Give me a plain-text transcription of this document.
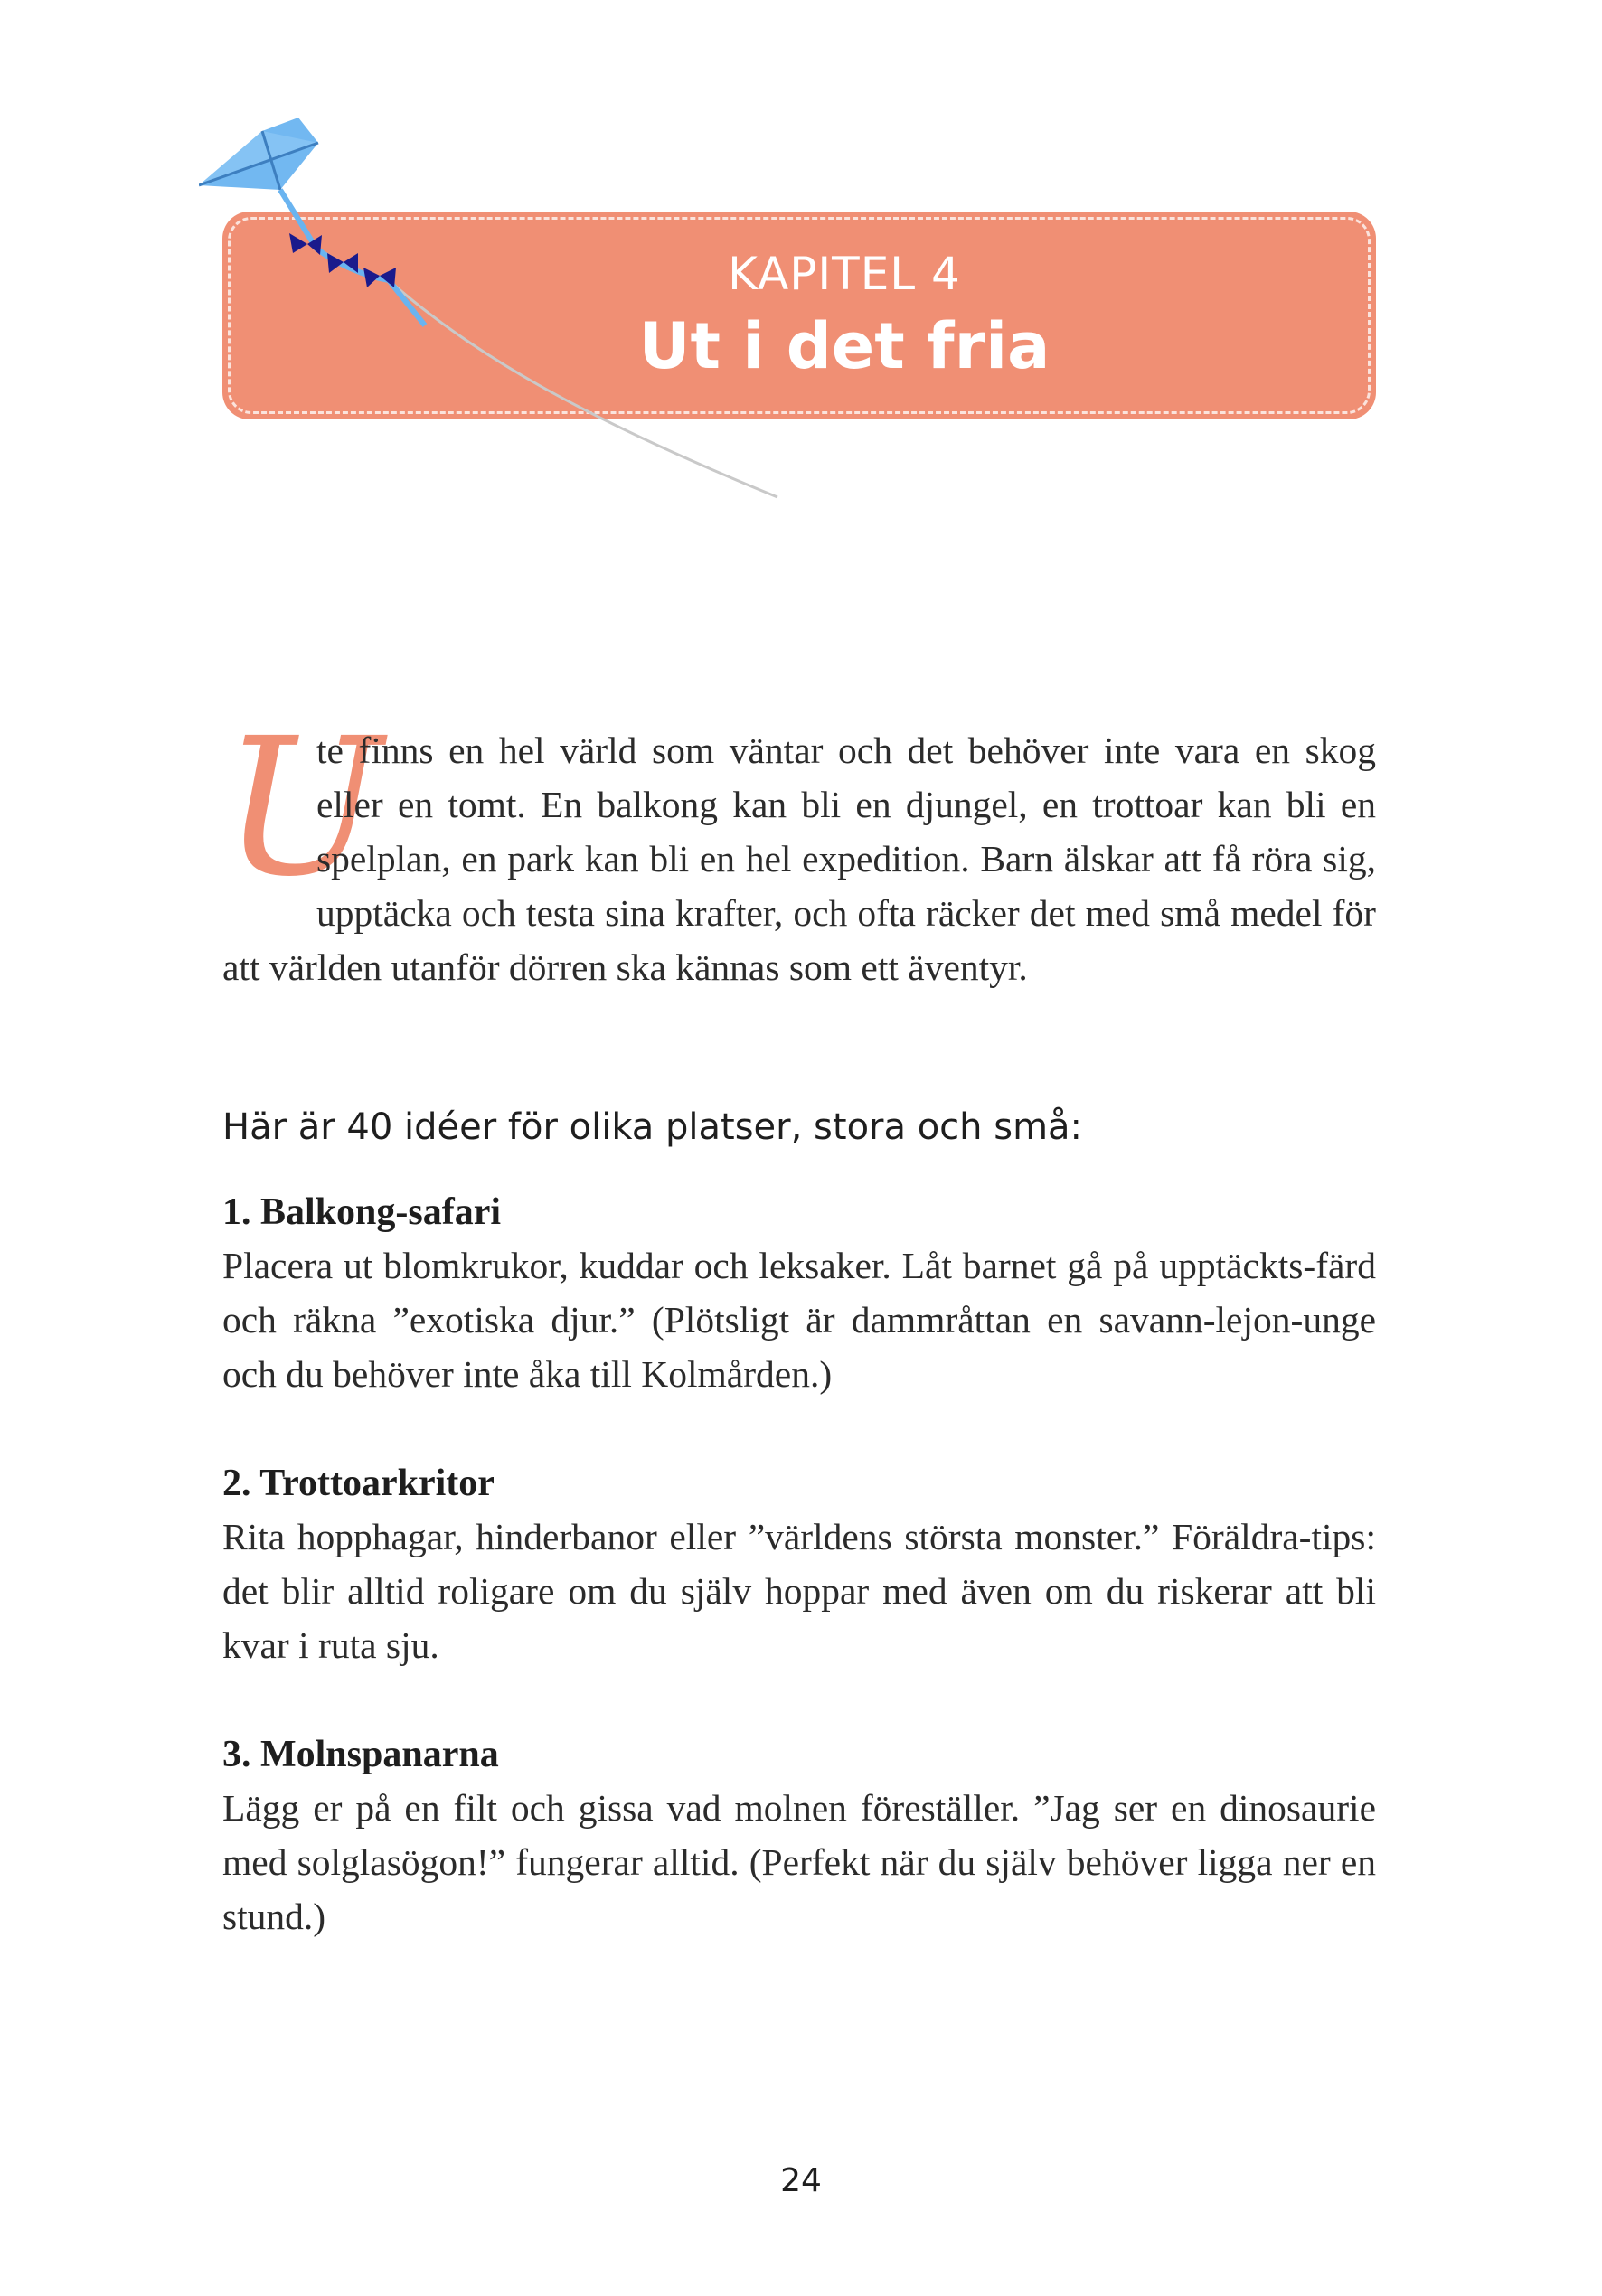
KAPITEL 4
Ut i det fria
U
te finns en hel värld som väntar och det behöver inte vara en skog eller en tomt. En balkong kan bli en djungel, en trottoar kan bli en spelplan, en park kan bli en hel expedition. Barn älskar att få röra sig, upptäcka och testa sina krafter, och ofta räcker det med små medel för att världen utanför dörren ska kännas som ett äventyr.
Här är 40 idéer för olika platser, stora och små:
1. Balkong-safari
Placera ut blomkrukor, kuddar och leksaker. Låt barnet gå på upptäckts-färd och räkna ”exotiska djur.” (Plötsligt är dammråttan en savann-lejon-unge och du behöver inte åka till Kolmården.)
2. Trottoarkritor
Rita hopphagar, hinderbanor eller ”världens största monster.” Föräldra-tips: det blir alltid roligare om du själv hoppar med även om du riskerar att bli kvar i ruta sju.
3. Molnspanarna
Lägg er på en filt och gissa vad molnen föreställer. ”Jag ser en dinosaurie med solglasögon!” fungerar alltid. (Perfekt när du själv behöver ligga ner en stund.)
24
